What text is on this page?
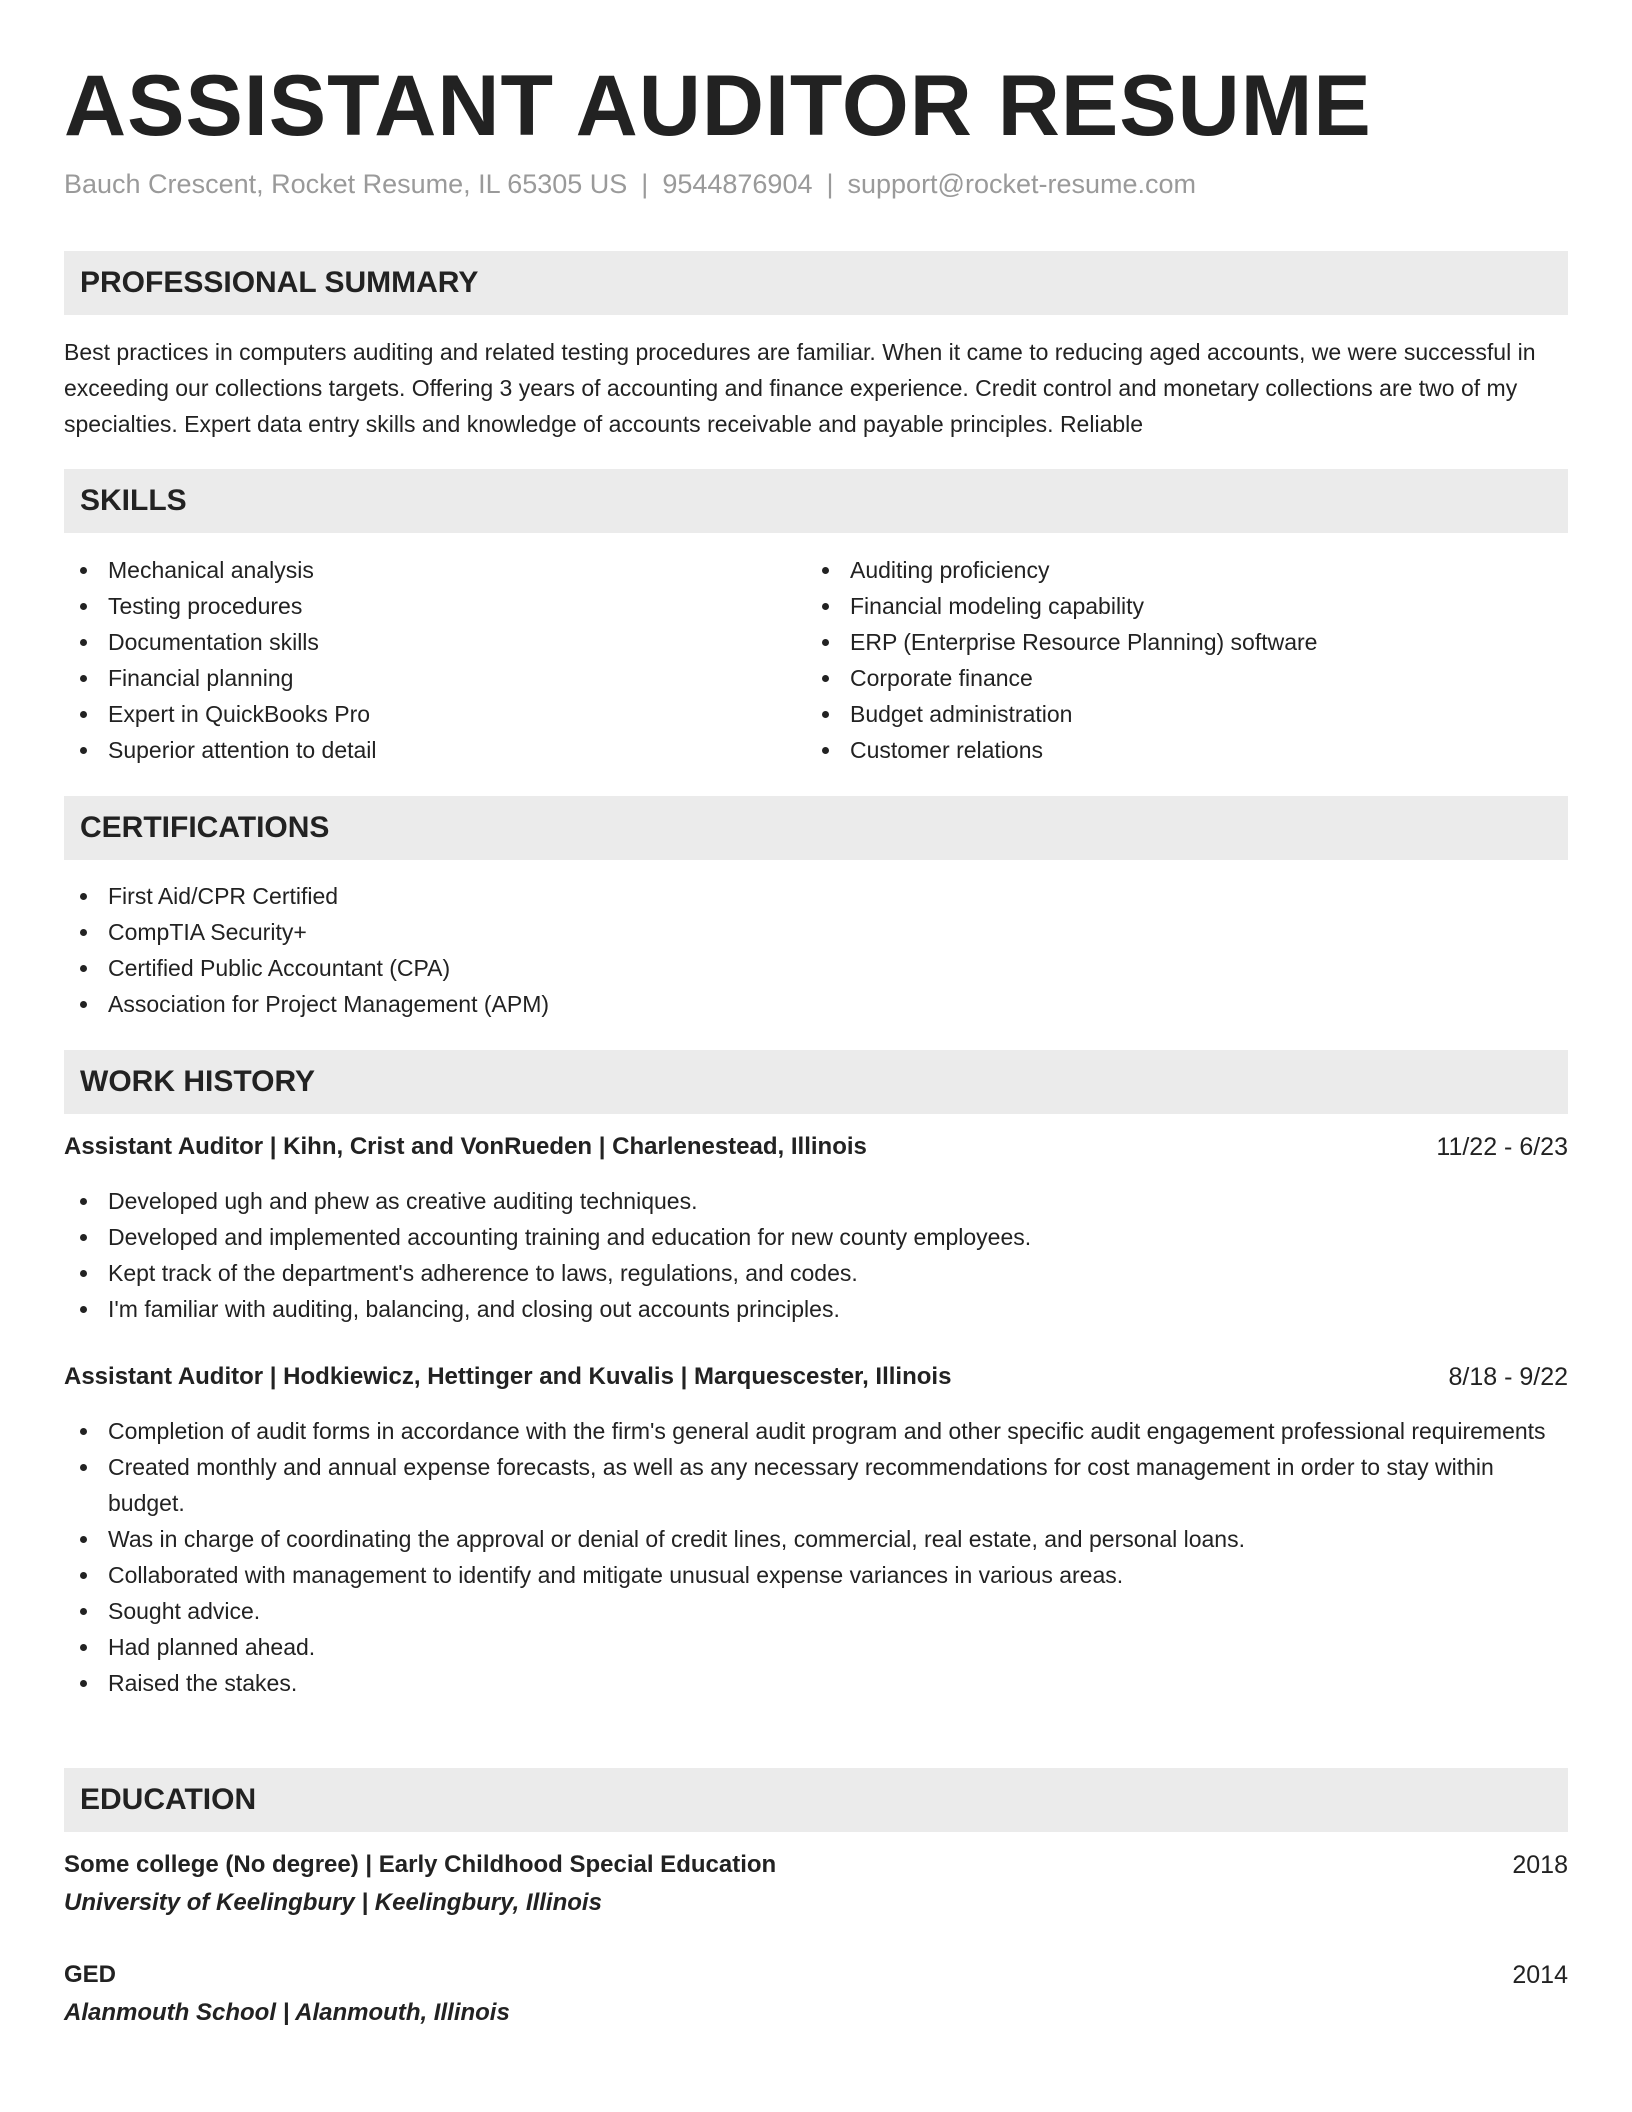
ASSISTANT AUDITOR RESUME
Bauch Crescent, Rocket Resume, IL 65305 US | 9544876904 | support@rocket-resume.com
PROFESSIONAL SUMMARY

Best practices in computers auditing and related testing procedures are familiar. When it came to reducing aged accounts, we were successful in exceeding our collections targets. Offering 3 years of accounting and finance experience. Credit control and monetary collections are two of my specialties. Expert data entry skills and knowledge of accounts receivable and payable principles. Reliable

SKILLS
Mechanical analysis
Testing procedures
Documentation skills
Financial planning
Expert in QuickBooks Pro
Superior attention to detail
Auditing proficiency
Financial modeling capability
ERP (Enterprise Resource Planning) software
Corporate finance
Budget administration
Customer relations
CERTIFICATIONS
First Aid/CPR Certified
CompTIA Security+
Certified Public Accountant (CPA)
Association for Project Management (APM)
WORK HISTORY
Assistant Auditor | Kihn, Crist and VonRueden | Charlenestead, Illinois	11/22 - 6/23
Developed ugh and phew as creative auditing techniques.
Developed and implemented accounting training and education for new county employees.
Kept track of the department's adherence to laws, regulations, and codes.
I'm familiar with auditing, balancing, and closing out accounts principles.
Assistant Auditor | Hodkiewicz, Hettinger and Kuvalis | Marquescester, Illinois	8/18 - 9/22
Completion of audit forms in accordance with the firm's general audit program and other specific audit engagement professional requirements
Created monthly and annual expense forecasts, as well as any necessary recommendations for cost management in order to stay within budget.
Was in charge of coordinating the approval or denial of credit lines, commercial, real estate, and personal loans.
Collaborated with management to identify and mitigate unusual expense variances in various areas.
Sought advice.
Had planned ahead.
Raised the stakes.
EDUCATION
Some college (No degree) | Early Childhood Special Education	2018
University of Keelingbury | Keelingbury, Illinois
GED	2014
Alanmouth School | Alanmouth, Illinois
